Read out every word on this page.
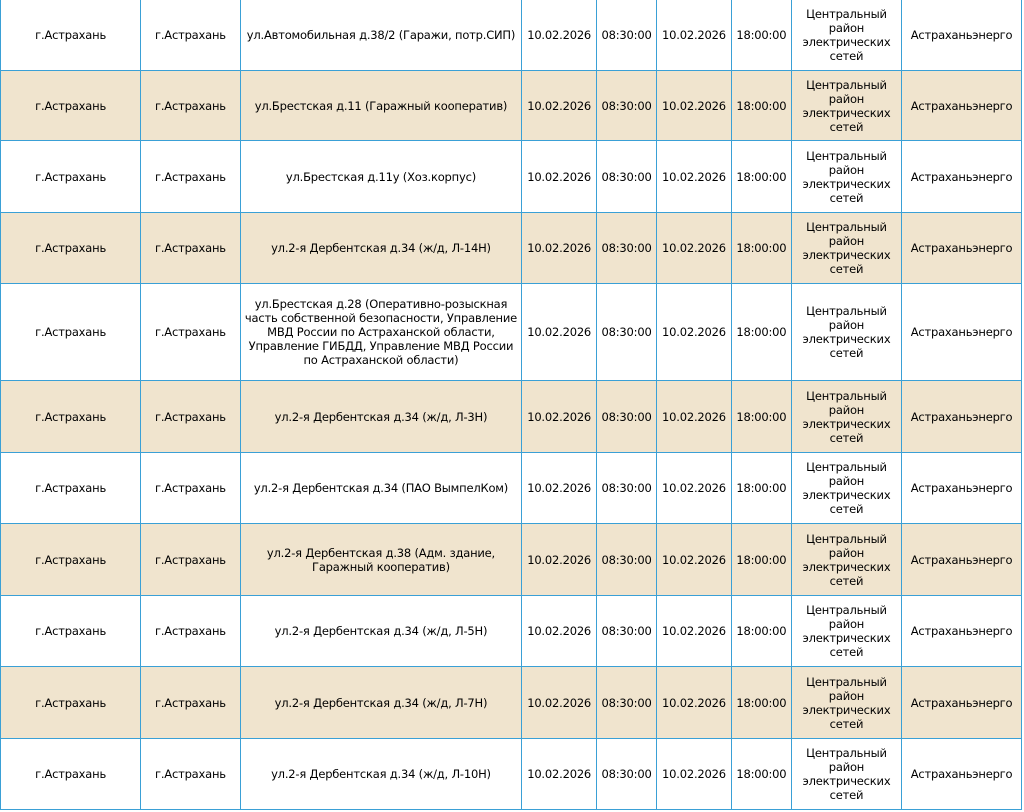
г.Астрахань	г.Астрахань	ул.Автомобильная д.38/2 (Гаражи, потр.СИП)	10.02.2026	08:30:00	10.02.2026	18:00:00	Центральный район электрических сетей	Астраханьэнерго
г.Астрахань	г.Астрахань	ул.Брестская д.11 (Гаражный кооператив)	10.02.2026	08:30:00	10.02.2026	18:00:00	Центральный район электрических сетей	Астраханьэнерго
г.Астрахань	г.Астрахань	ул.Брестская д.11у (Хоз.корпус)	10.02.2026	08:30:00	10.02.2026	18:00:00	Центральный район электрических сетей	Астраханьэнерго
г.Астрахань	г.Астрахань	ул.2-я Дербентская д.34 (ж/д, Л-14Н)	10.02.2026	08:30:00	10.02.2026	18:00:00	Центральный район электрических сетей	Астраханьэнерго
г.Астрахань	г.Астрахань	ул.Брестская д.28 (Оперативно-розыскная часть собственной безопасности, Управление МВД России по Астраханской области, Управление ГИБДД, Управление МВД России по Астраханской области)	10.02.2026	08:30:00	10.02.2026	18:00:00	Центральный район электрических сетей	Астраханьэнерго
г.Астрахань	г.Астрахань	ул.2-я Дербентская д.34 (ж/д, Л-3Н)	10.02.2026	08:30:00	10.02.2026	18:00:00	Центральный район электрических сетей	Астраханьэнерго
г.Астрахань	г.Астрахань	ул.2-я Дербентская д.34 (ПАО ВымпелКом)	10.02.2026	08:30:00	10.02.2026	18:00:00	Центральный район электрических сетей	Астраханьэнерго
г.Астрахань	г.Астрахань	ул.2-я Дербентская д.38 (Адм. здание, Гаражный кооператив)	10.02.2026	08:30:00	10.02.2026	18:00:00	Центральный район электрических сетей	Астраханьэнерго
г.Астрахань	г.Астрахань	ул.2-я Дербентская д.34 (ж/д, Л-5Н)	10.02.2026	08:30:00	10.02.2026	18:00:00	Центральный район электрических сетей	Астраханьэнерго
г.Астрахань	г.Астрахань	ул.2-я Дербентская д.34 (ж/д, Л-7Н)	10.02.2026	08:30:00	10.02.2026	18:00:00	Центральный район электрических сетей	Астраханьэнерго
г.Астрахань	г.Астрахань	ул.2-я Дербентская д.34 (ж/д, Л-10Н)	10.02.2026	08:30:00	10.02.2026	18:00:00	Центральный район электрических сетей	Астраханьэнерго
